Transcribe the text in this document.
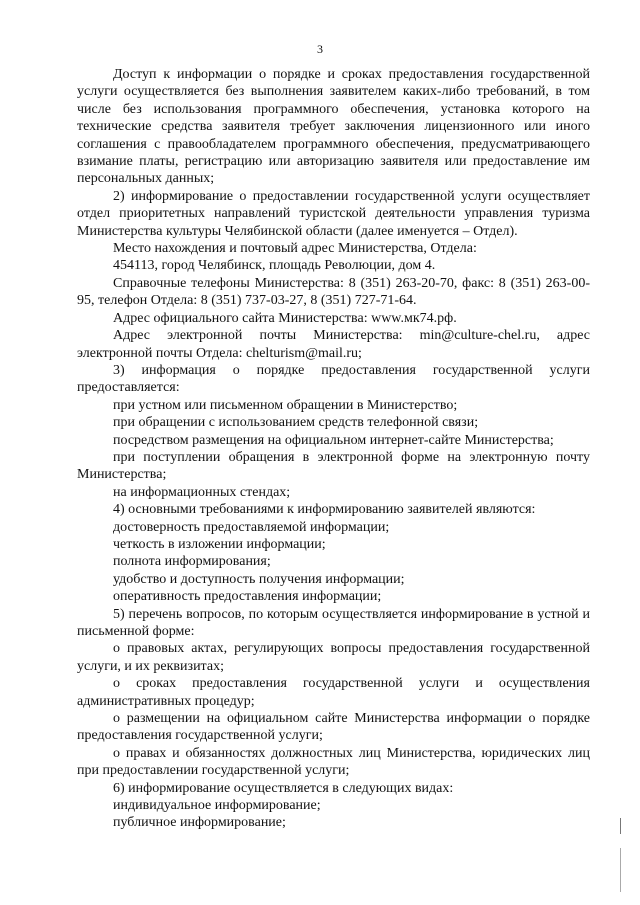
3

Доступ к информации о порядке и сроках предоставления государственной услуги осуществляется без выполнения заявителем каких-либо требований, в том числе без использования программного обеспечения, установка которого на технические средства заявителя требует заключения лицензионного или иного соглашения с правообладателем программного обеспечения, предусматривающего взимание платы, регистрацию или авторизацию заявителя или предоставление им персональных данных;

2) информирование о предоставлении государственной услуги осуществляет отдел приоритетных направлений туристской деятельности управления туризма Министерства культуры Челябинской области (далее именуется – Отдел).

Место нахождения и почтовый адрес Министерства, Отдела:

454113, город Челябинск, площадь Революции, дом 4.

Справочные телефоны Министерства: 8 (351) 263-20-70, факс: 8 (351) 263-00-95, телефон Отдела: 8 (351) 737-03-27, 8 (351) 727-71-64.

Адрес официального сайта Министерства: www.мк74.рф.

Адрес электронной почты Министерства: min@culture-chel.ru, адрес электронной почты Отдела: chelturism@mail.ru;

3) информация о порядке предоставления государственной услуги предоставляется:

при устном или письменном обращении в Министерство;

при обращении с использованием средств телефонной связи;

посредством размещения на официальном интернет-сайте Министерства;

при поступлении обращения в электронной форме на электронную почту Министерства;

на информационных стендах;

4) основными требованиями к информированию заявителей являются:

достоверность предоставляемой информации;

четкость в изложении информации;

полнота информирования;

удобство и доступность получения информации;

оперативность предоставления информации;

5) перечень вопросов, по которым осуществляется информирование в устной и письменной форме:

о правовых актах, регулирующих вопросы предоставления государственной услуги, и их реквизитах;

о сроках предоставления государственной услуги и осуществления административных процедур;

о размещении на официальном сайте Министерства информации о порядке предоставления государственной услуги;

о правах и обязанностях должностных лиц Министерства, юридических лиц при предоставлении государственной услуги;

6) информирование осуществляется в следующих видах:

индивидуальное информирование;

публичное информирование;
